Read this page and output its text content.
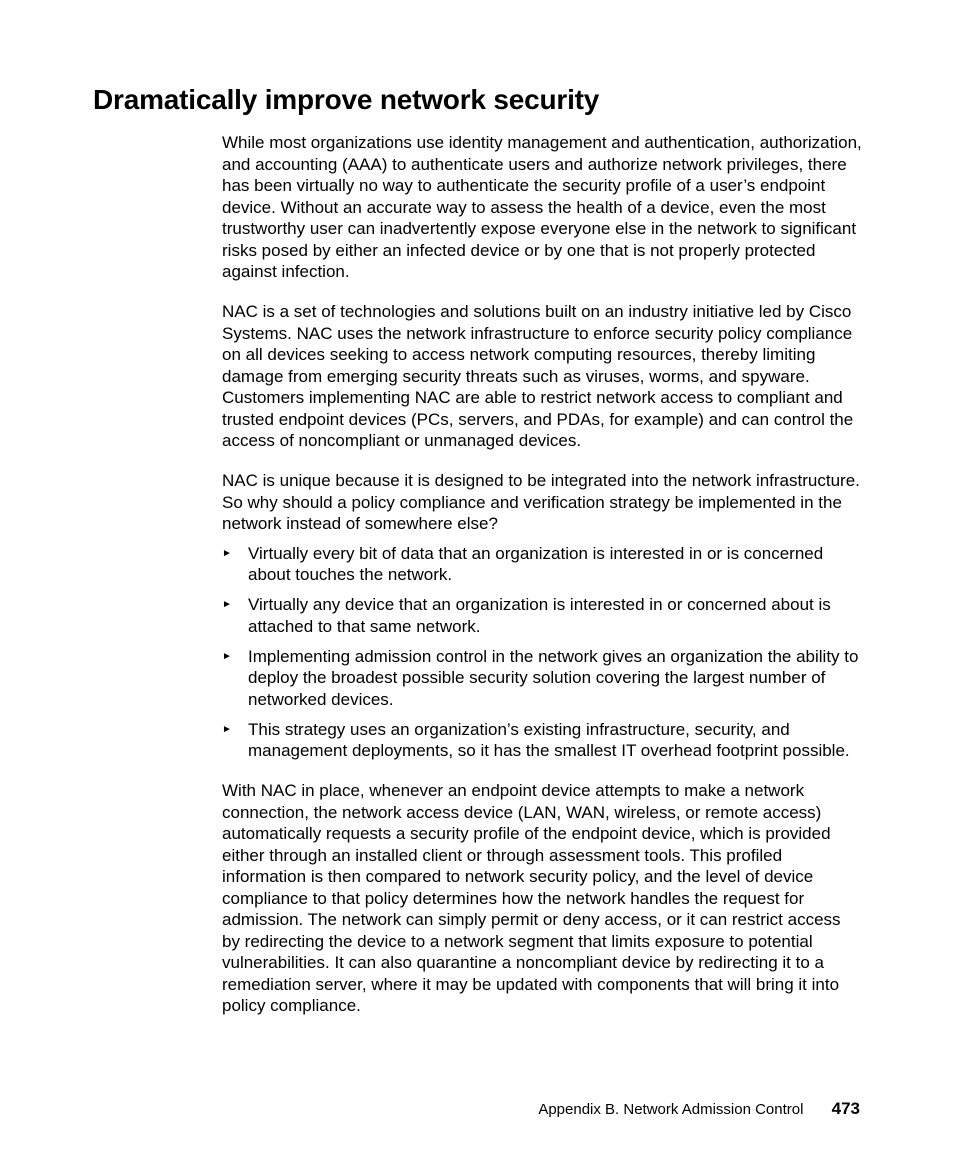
Dramatically improve network security

While most organizations use identity management and authentication, authorization, and accounting (AAA) to authenticate users and authorize network privileges, there has been virtually no way to authenticate the security profile of a user’s endpoint device. Without an accurate way to assess the health of a device, even the most trustworthy user can inadvertently expose everyone else in the network to significant risks posed by either an infected device or by one that is not properly protected against infection.

NAC is a set of technologies and solutions built on an industry initiative led by Cisco Systems. NAC uses the network infrastructure to enforce security policy compliance on all devices seeking to access network computing resources, thereby limiting damage from emerging security threats such as viruses, worms, and spyware. Customers implementing NAC are able to restrict network access to compliant and trusted endpoint devices (PCs, servers, and PDAs, for example) and can control the access of noncompliant or unmanaged devices.

NAC is unique because it is designed to be integrated into the network infrastructure. So why should a policy compliance and verification strategy be implemented in the network instead of somewhere else?

► Virtually every bit of data that an organization is interested in or is concerned about touches the network.
► Virtually any device that an organization is interested in or concerned about is attached to that same network.
► Implementing admission control in the network gives an organization the ability to deploy the broadest possible security solution covering the largest number of networked devices.
► This strategy uses an organization’s existing infrastructure, security, and management deployments, so it has the smallest IT overhead footprint possible.

With NAC in place, whenever an endpoint device attempts to make a network connection, the network access device (LAN, WAN, wireless, or remote access) automatically requests a security profile of the endpoint device, which is provided either through an installed client or through assessment tools. This profiled information is then compared to network security policy, and the level of device compliance to that policy determines how the network handles the request for admission. The network can simply permit or deny access, or it can restrict access by redirecting the device to a network segment that limits exposure to potential vulnerabilities. It can also quarantine a noncompliant device by redirecting it to a remediation server, where it may be updated with components that will bring it into policy compliance.

Appendix B. Network Admission Control 473
